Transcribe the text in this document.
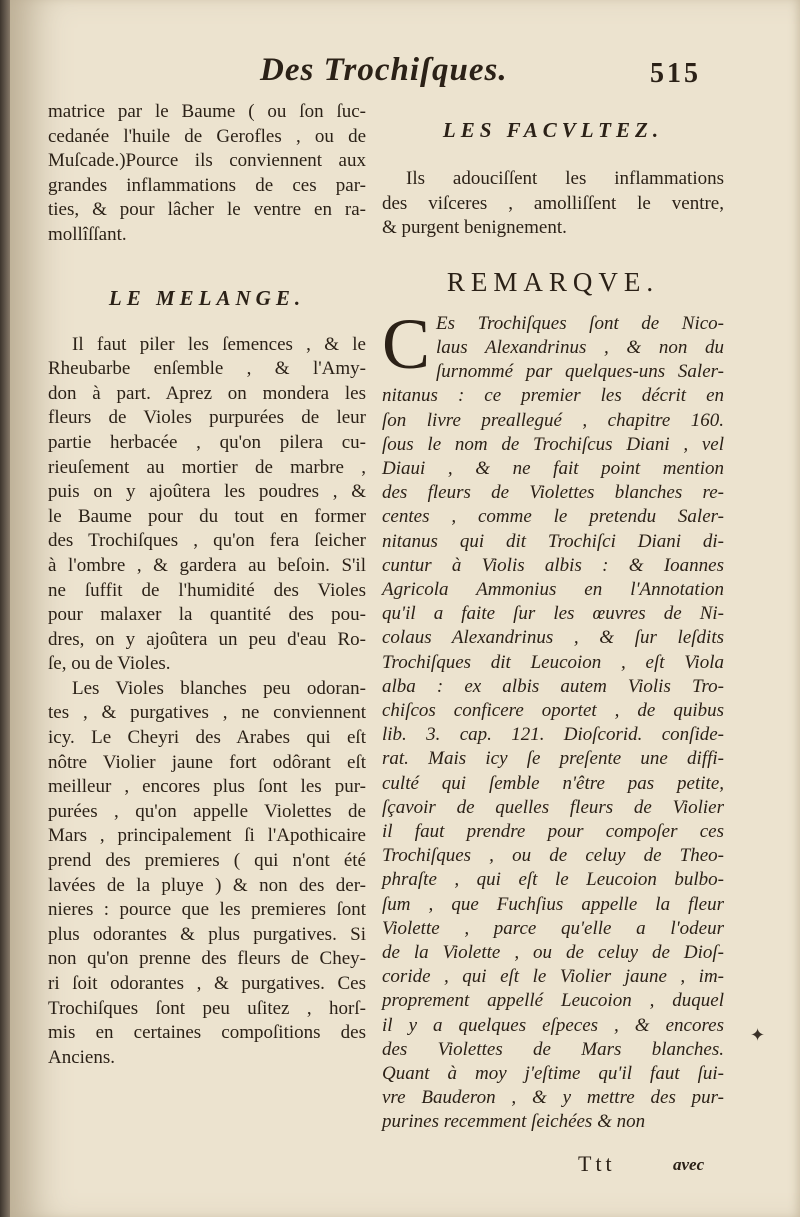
Des Trochiſques.	515
matrice par le Baume ( ou ſon ſuc-
cedanée l'huile de Gerofles , ou de
Muſcade.)Pource ils conviennent aux
grandes inflammations de ces par-
ties, & pour lâcher le ventre en ra-
mollîſſant.
LE MELANGE.
Il faut piler les ſemences , & le
Rheubarbe enſemble , & l'Amy-
don à part. Aprez on mondera les
fleurs de Violes purpurées de leur
partie herbacée , qu'on pilera cu-
rieuſement au mortier de marbre ,
puis on y ajoûtera les poudres , &
le Baume pour du tout en former
des Trochiſques , qu'on fera ſeicher
à l'ombre , & gardera au beſoin. S'il
ne ſuffit de l'humidité des Violes
pour malaxer la quantité des pou-
dres, on y ajoûtera un peu d'eau Ro-
ſe, ou de Violes.
Les Violes blanches peu odoran-
tes , & purgatives , ne conviennent
icy. Le Cheyri des Arabes qui eſt
nôtre Violier jaune fort odôrant eſt
meilleur , encores plus ſont les pur-
purées , qu'on appelle Violettes de
Mars , principalement ſi l'Apothicaire
prend des premieres ( qui n'ont été
lavées de la pluye ) & non des der-
nieres : pource que les premieres ſont
plus odorantes & plus purgatives. Si
non qu'on prenne des fleurs de Chey-
ri ſoit odorantes , & purgatives. Ces
Trochiſques ſont peu uſitez , horſ-
mis en certaines compoſitions des
Anciens.
LES FACVLTEZ.
Ils adouciſſent les inflammations
des viſceres , amolliſſent le ventre,
& purgent benignement.
REMARQVE.
C Es Trochiſques ſont de Nico-
laus Alexandrinus , & non du
ſurnommé par quelques-uns Saler-
nitanus : ce premier les décrit en
ſon livre preallegué , chapitre 160.
ſous le nom de Trochiſcus Diani , vel
Diaui , & ne fait point mention
des fleurs de Violettes blanches re-
centes , comme le pretendu Saler-
nitanus qui dit Trochiſci Diani di-
cuntur à Violis albis : & Ioannes
Agricola Ammonius en l'Annotation
qu'il a faite ſur les œuvres de Ni-
colaus Alexandrinus , & ſur leſdits
Trochiſques dit Leucoion , eſt Viola
alba : ex albis autem Violis Tro-
chiſcos conficere oportet , de quibus
lib. 3. cap. 121. Dioſcorid. conſide-
rat. Mais icy ſe preſente une diffi-
culté qui ſemble n'être pas petite,
ſçavoir de quelles fleurs de Violier
il faut prendre pour compoſer ces
Trochiſques , ou de celuy de Theo-
phraſte , qui eſt le Leucoion bulbo-
ſum , que Fuchſius appelle la fleur
Violette , parce qu'elle a l'odeur
de la Violette , ou de celuy de Dioſ-
coride , qui eſt le Violier jaune , im-
proprement appellé Leucoion , duquel
il y a quelques eſpeces , & encores
des Violettes de Mars blanches.
Quant à moy j'eſtime qu'il faut ſui-
vre Bauderon , & y mettre des pur-
purines recemment ſeichées & non
Ttt	avec
✦
